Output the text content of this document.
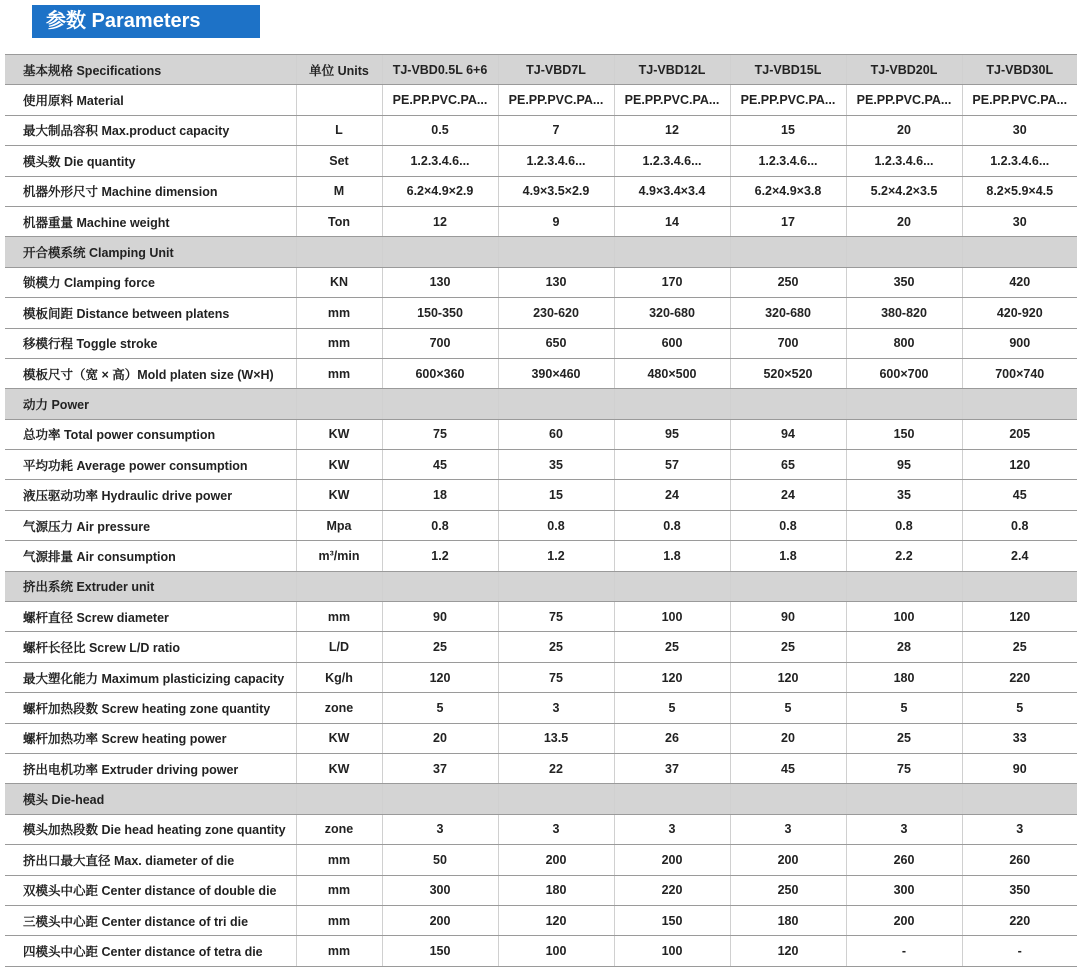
参数 Parameters
基本规格 Specifications	单位 Units	TJ-VBD0.5L 6+6	TJ-VBD7L	TJ-VBD12L	TJ-VBD15L	TJ-VBD20L	TJ-VBD30L
使用原料 Material		PE.PP.PVC.PA...	PE.PP.PVC.PA...	PE.PP.PVC.PA...	PE.PP.PVC.PA...	PE.PP.PVC.PA...	PE.PP.PVC.PA...
最大制品容积 Max.product capacity	L	0.5	7	12	15	20	30
模头数 Die quantity	Set	1.2.3.4.6...	1.2.3.4.6...	1.2.3.4.6...	1.2.3.4.6...	1.2.3.4.6...	1.2.3.4.6...
机器外形尺寸 Machine dimension	M	6.2×4.9×2.9	4.9×3.5×2.9	4.9×3.4×3.4	6.2×4.9×3.8	5.2×4.2×3.5	8.2×5.9×4.5
机器重量 Machine weight	Ton	12	9	14	17	20	30
开合模系统 Clamping Unit							
锁模力 Clamping force	KN	130	130	170	250	350	420
模板间距 Distance between platens	mm	150-350	230-620	320-680	320-680	380-820	420-920
移模行程 Toggle stroke	mm	700	650	600	700	800	900
模板尺寸（宽 × 高）Mold platen size (W×H)	mm	600×360	390×460	480×500	520×520	600×700	700×740
动力 Power							
总功率 Total power consumption	KW	75	60	95	94	150	205
平均功耗 Average power consumption	KW	45	35	57	65	95	120
液压驱动功率 Hydraulic drive power	KW	18	15	24	24	35	45
气源压力 Air pressure	Mpa	0.8	0.8	0.8	0.8	0.8	0.8
气源排量 Air consumption	m³/min	1.2	1.2	1.8	1.8	2.2	2.4
挤出系统 Extruder unit							
螺杆直径 Screw diameter	mm	90	75	100	90	100	120
螺杆长径比 Screw L/D ratio	L/D	25	25	25	25	28	25
最大塑化能力 Maximum plasticizing capacity	Kg/h	120	75	120	120	180	220
螺杆加热段数 Screw heating zone quantity	zone	5	3	5	5	5	5
螺杆加热功率 Screw heating power	KW	20	13.5	26	20	25	33
挤出电机功率 Extruder driving power	KW	37	22	37	45	75	90
模头 Die-head							
模头加热段数 Die head heating zone quantity	zone	3	3	3	3	3	3
挤出口最大直径 Max. diameter of die	mm	50	200	200	200	260	260
双模头中心距 Center distance of double die	mm	300	180	220	250	300	350
三模头中心距 Center distance of tri die	mm	200	120	150	180	200	220
四模头中心距 Center distance of tetra die	mm	150	100	100	120	-	-
